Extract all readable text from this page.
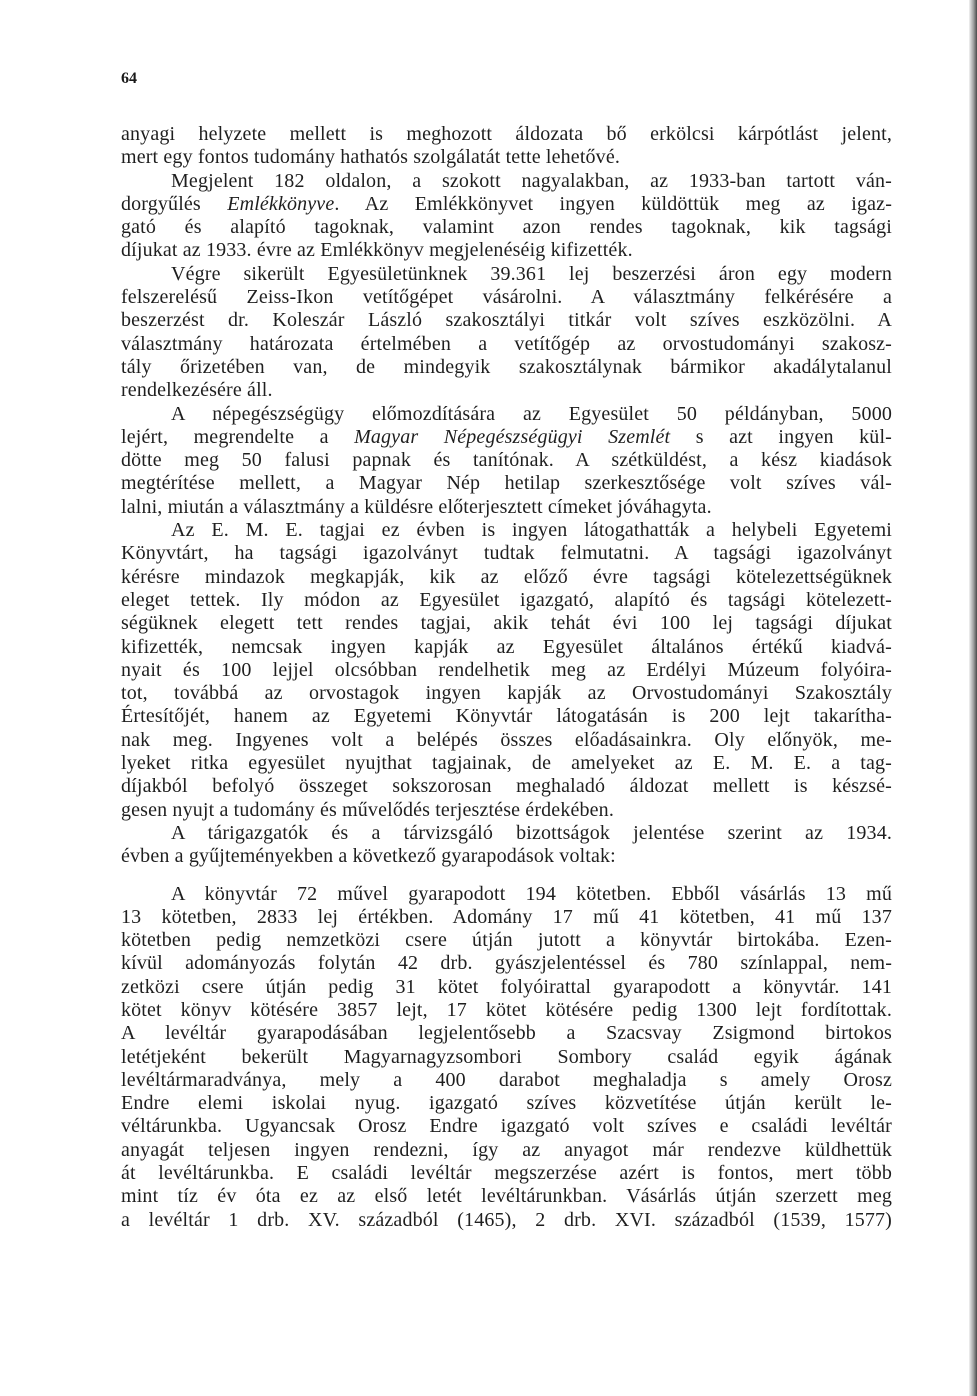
64
anyagi helyzete mellett is meghozott áldozata bő erkölcsi kárpótlást jelent,
mert egy fontos tudomány hathatós szolgálatát tette lehetővé.
Megjelent 182 oldalon, a szokott nagyalakban, az 1933-ban tartott ván-
dorgyűlés Emlékkönyve. Az Emlékkönyvet ingyen küldöttük meg az igaz-
gató és alapító tagoknak, valamint azon rendes tagoknak, kik tagsági
díjukat az 1933. évre az Emlékkönyv megjelenéséig kifizették.
Végre sikerült Egyesületünknek 39.361 lej beszerzési áron egy modern
felszerelésű Zeiss-Ikon vetítőgépet vásárolni. A választmány felkérésére a
beszerzést dr. Koleszár László szakosztályi titkár volt szíves eszközölni. A
választmány határozata értelmében a vetítőgép az orvostudományi szakosz-
tály őrizetében van, de mindegyik szakosztálynak bármikor akadálytalanul
rendelkezésére áll.
A népegészségügy előmozdítására az Egyesület 50 példányban, 5000
lejért, megrendelte a Magyar Népegészségügyi Szemlét s azt ingyen kül-
dötte meg 50 falusi papnak és tanítónak. A szétküldést, a kész kiadások
megtérítése mellett, a Magyar Nép hetilap szerkesztősége volt szíves vál-
lalni, miután a választmány a küldésre előterjesztett címeket jóváhagyta.
Az E. M. E. tagjai ez évben is ingyen látogathatták a helybeli Egyetemi
Könyvtárt, ha tagsági igazolványt tudtak felmutatni. A tagsági igazolványt
kérésre mindazok megkapják, kik az előző évre tagsági kötelezettségüknek
eleget tettek. Ily módon az Egyesület igazgató, alapító és tagsági kötelezett-
ségüknek elegett tett rendes tagjai, akik tehát évi 100 lej tagsági díjukat
kifizették, nemcsak ingyen kapják az Egyesület általános értékű kiadvá-
nyait és 100 lejjel olcsóbban rendelhetik meg az Erdélyi Múzeum folyóira-
tot, továbbá az orvostagok ingyen kapják az Orvostudományi Szakosztály
Értesítőjét, hanem az Egyetemi Könyvtár látogatásán is 200 lejt takarítha-
nak meg. Ingyenes volt a belépés összes előadásainkra. Oly előnyök, me-
lyeket ritka egyesület nyujthat tagjainak, de amelyeket az E. M. E. a tag-
díjakból befolyó összeget sokszorosan meghaladó áldozat mellett is készsé-
gesen nyujt a tudomány és művelődés terjesztése érdekében.
A tárigazgatók és a tárvizsgáló bizottságok jelentése szerint az 1934.
évben a gyűjteményekben a következő gyarapodások voltak:
A könyvtár 72 művel gyarapodott 194 kötetben. Ebből vásárlás 13 mű
13 kötetben, 2833 lej értékben. Adomány 17 mű 41 kötetben, 41 mű 137
kötetben pedig nemzetközi csere útján jutott a könyvtár birtokába. Ezen-
kívül adományozás folytán 42 drb. gyászjelentéssel és 780 színlappal, nem-
zetközi csere útján pedig 31 kötet folyóirattal gyarapodott a könyvtár. 141
kötet könyv kötésére 3857 lejt, 17 kötet kötésére pedig 1300 lejt fordítottak.
A levéltár gyarapodásában legjelentősebb a Szacsvay Zsigmond birtokos
letétjeként bekerült Magyarnagyzsombori Sombory család egyik ágának
levéltármaradványa, mely a 400 darabot meghaladja s amely Orosz
Endre elemi iskolai nyug. igazgató szíves közvetítése útján került le-
véltárunkba. Ugyancsak Orosz Endre igazgató volt szíves e családi levéltár
anyagát teljesen ingyen rendezni, így az anyagot már rendezve küldhettük
át levéltárunkba. E családi levéltár megszerzése azért is fontos, mert több
mint tíz év óta ez az első letét levéltárunkban. Vásárlás útján szerzett meg
a levéltár 1 drb. XV. századból (1465), 2 drb. XVI. századból (1539, 1577)
